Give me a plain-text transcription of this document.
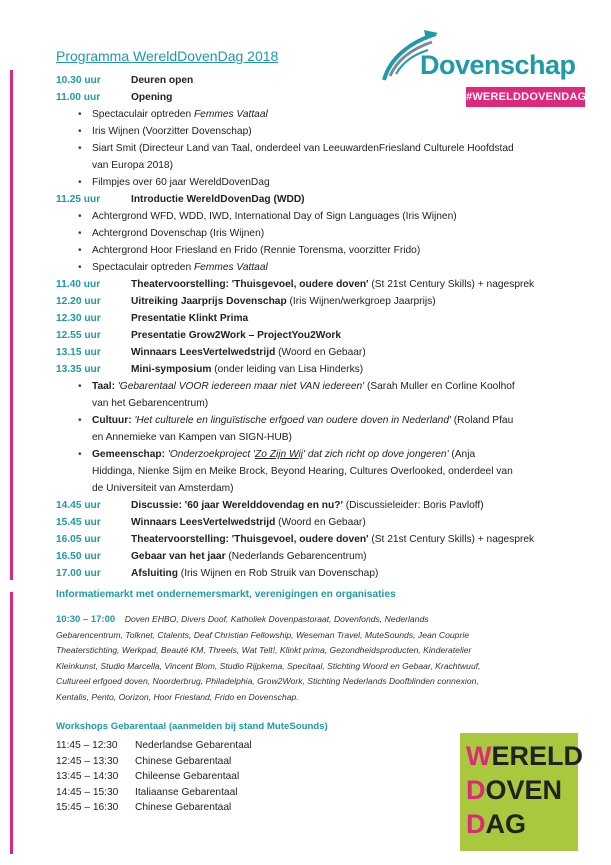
Programma WereldDovenDag 2018	Dovenschap
#WERELDDOVENDAGNL
10.30 uur	Deuren open
11.00 uur	Opening
• Spectaculair optreden Femmes Vattaal
• Iris Wijnen (Voorzitter Dovenschap)
• Siart Smit (Directeur Land van Taal, onderdeel van LeeuwardenFriesland Culturele Hoofdstad
van Europa 2018)
• Filmpjes over 60 jaar WereldDovenDag
11.25 uur	Introductie WereldDovenDag (WDD)
• Achtergrond WFD, WDD, IWD, International Day of Sign Languages (Iris Wijnen)
• Achtergrond Dovenschap (Iris Wijnen)
• Achtergrond Hoor Friesland en Frido (Rennie Torensma, voorzitter Frido)
• Spectaculair optreden Femmes Vattaal
11.40 uur	Theatervoorstelling: 'Thuisgevoel, oudere doven' (St 21st Century Skills) + nagesprek
12.20 uur	Uitreiking Jaarprijs Dovenschap (Iris Wijnen/werkgroep Jaarprijs)
12.30 uur	Presentatie Klinkt Prima
12.55 uur	Presentatie Grow2Work – ProjectYou2Work
13.15 uur	Winnaars LeesVertelwedstrijd (Woord en Gebaar)
13.35 uur	Mini-symposium (onder leiding van Lisa Hinderks)
• Taal: 'Gebarentaal VOOR iedereen maar niet VAN iedereen' (Sarah Muller en Corline Koolhof
van het Gebarencentrum)
• Cultuur: 'Het culturele en linguïstische erfgoed van oudere doven in Nederland' (Roland Pfau
en Annemieke van Kampen van SIGN-HUB)
• Gemeenschap: 'Onderzoekproject 'Zo Zijn Wij' dat zich richt op dove jongeren' (Anja
Hiddinga, Nienke Sijm en Meike Brock, Beyond Hearing, Cultures Overlooked, onderdeel van
de Universiteit van Amsterdam)
14.45 uur	Discussie: '60 jaar Werelddovendag en nu?' (Discussieleider: Boris Pavloff)
15.45 uur	Winnaars LeesVertelwedstrijd (Woord en Gebaar)
16.05 uur	Theatervoorstelling: 'Thuisgevoel, oudere doven' (St 21st Century Skills) + nagesprek
16.50 uur	Gebaar van het jaar (Nederlands Gebarencentrum)
17.00 uur	Afsluiting (Iris Wijnen en Rob Struik van Dovenschap)
Informatiemarkt met ondernemersmarkt, verenigingen en organisaties
10:30 – 17:00 Doven EHBO, Divers Doof, Katholiek Dovenpastoraat, Dovenfonds, Nederlands
Gebarencentrum, Tolknet, Ctalents, Deaf Christian Fellowship, Weseman Travel, MuteSounds, Jean Couprie
Theaterstichting, Werkpad, Beauté KM, Threels, Wat Telt!, Klinkt prima, Gezondheidsproducten, Kinderatelier
Kleinkunst, Studio Marcella, Vincent Blom, Studio Rijpkema, Specitaal, Stichting Woord en Gebaar, Krachtwuuf,
Cultureel erfgoed doven, Noorderbrug, Philadelphia, Grow2Work, Stichting Nederlands Doofblinden connexion,
Kentalis, Pento, Oorizon, Hoor Friesland, Frido en Dovenschap.
Workshops Gebarentaal (aanmelden bij stand MuteSounds)
11:45 – 12:30 Nederlandse Gebarentaal
12:45 – 13:30 Chinese Gebarentaal
13:45 – 14:30 Chileense Gebarentaal
14:45 – 15:30 Italiaanse Gebarentaal
15:45 – 16:30 Chinese Gebarentaal
WERELD
DOVEN
DAG
